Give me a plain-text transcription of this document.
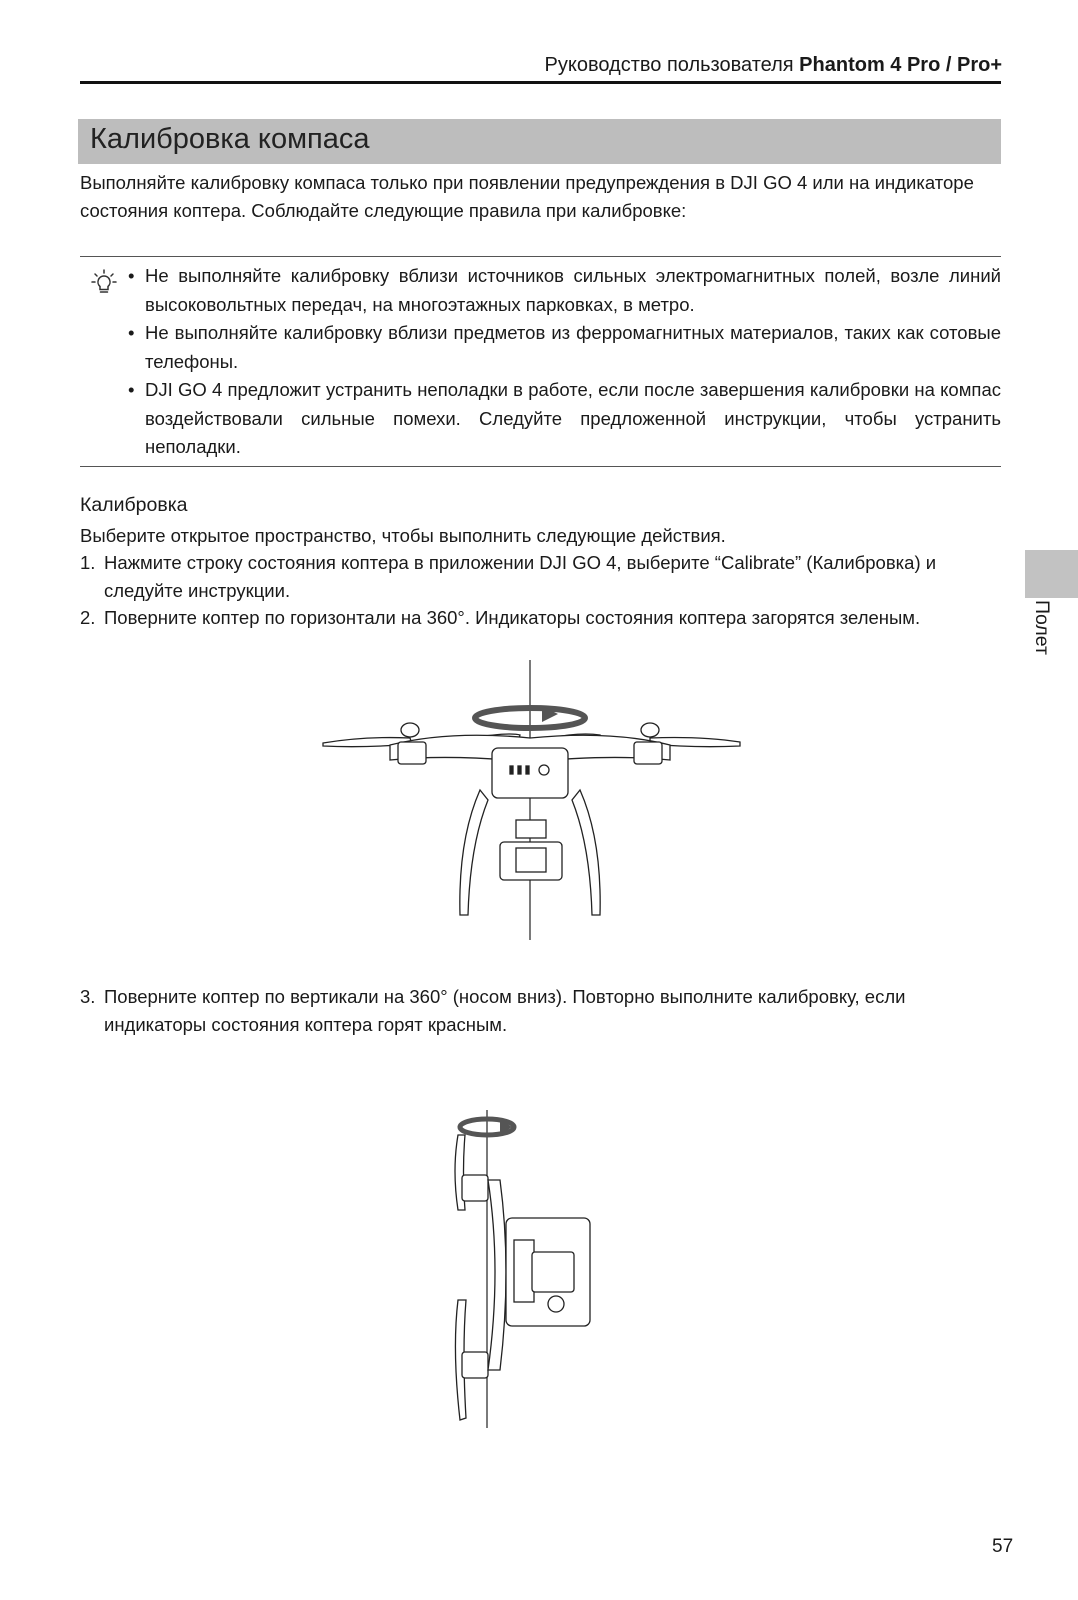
Руководство пользователя Phantom 4 Pro / Pro+
Калибровка компаса
Выполняйте калибровку компаса только при появлении предупреждения в DJI GO 4 или на индикаторе состояния коптера. Соблюдайте следующие правила при калибровке:

• Не выполняйте калибровку вблизи источников сильных электромагнитных полей, возле линий высоковольтных передач, на многоэтажных парковках, в метро.

• Не выполняйте калибровку вблизи предметов из ферромагнитных материалов, таких как сотовые телефоны.

• DJI GO 4 предложит устранить неполадки в работе, если после завершения калибровки на компас воздействовали сильные помехи. Следуйте предложенной инструкции, чтобы устранить неполадки.

Калибровка
Выберите открытое пространство, чтобы выполнить следующие действия.
1. Нажмите строку состояния коптера в приложении DJI GO 4, выберите “Calibrate” (Калибровка) и следуйте инструкции.
2. Поверните коптер по горизонтали на 360°. Индикаторы состояния коптера загорятся зеленым.
3. Поверните коптер по вертикали на 360° (носом вниз). Повторно выполните калибровку, если индикаторы состояния коптера горят красным.
Полет
57
